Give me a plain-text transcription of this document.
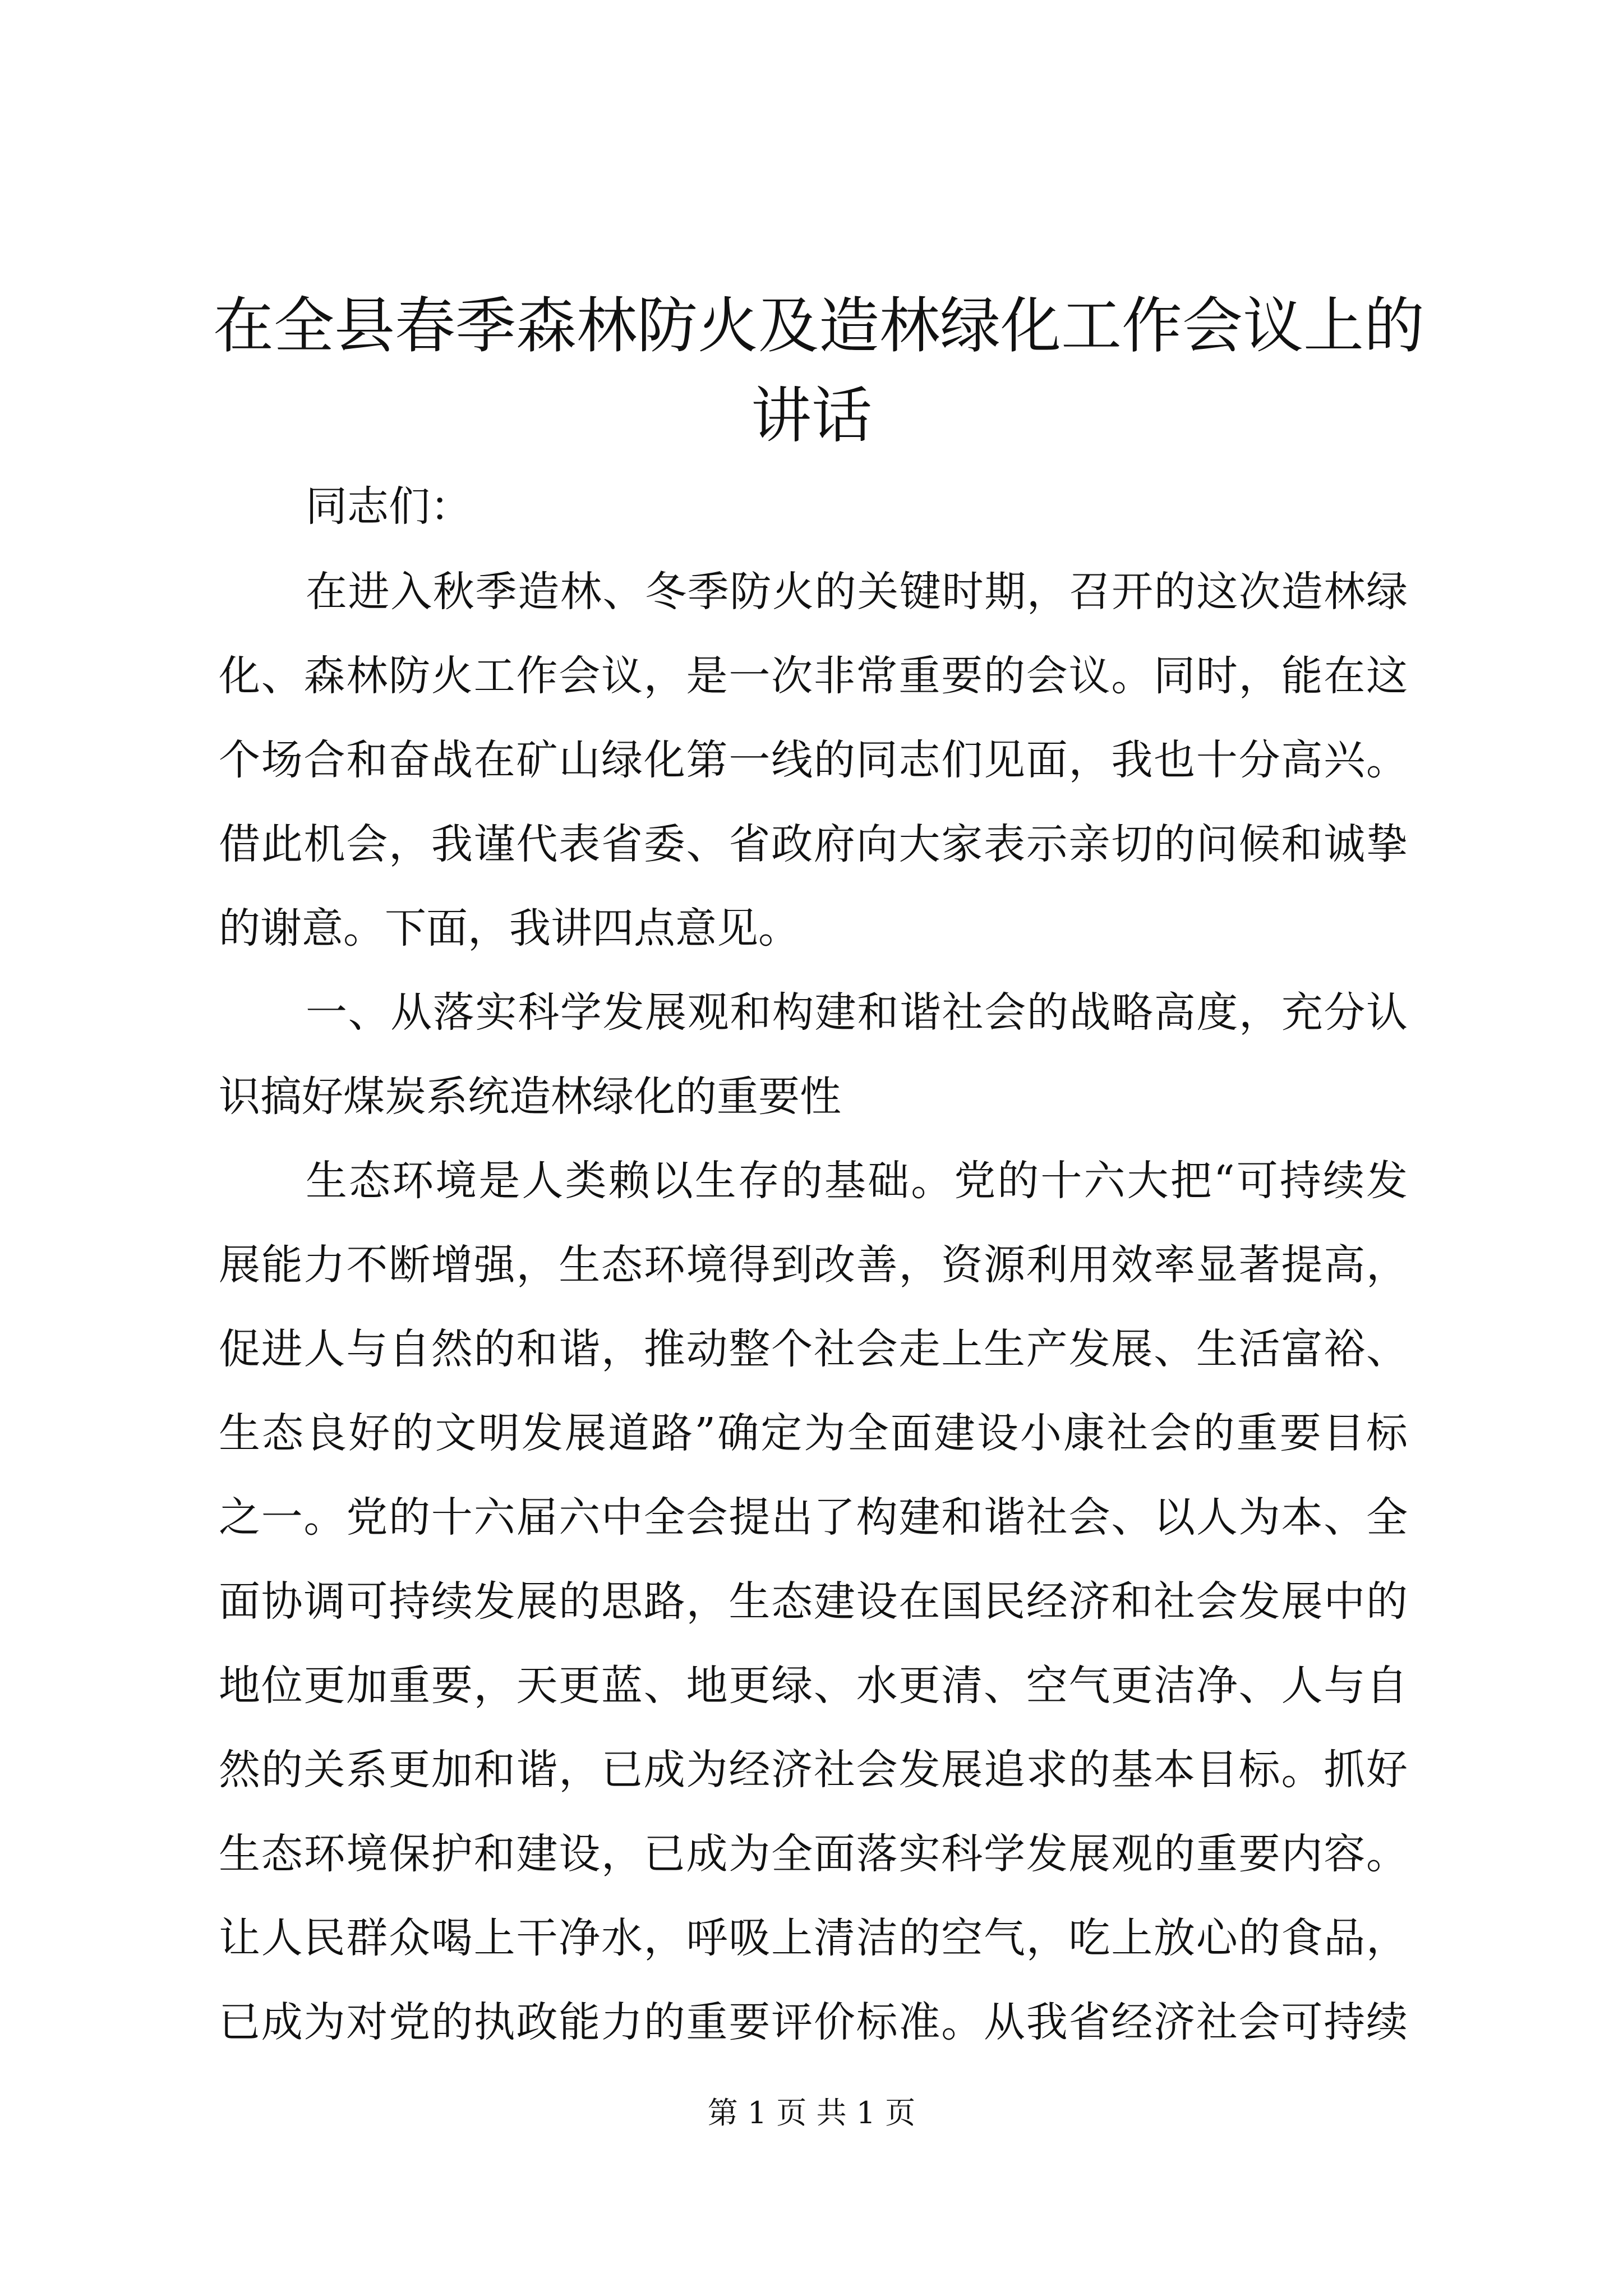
在全县春季森林防火及造林绿化工作会议上的
讲话

同志们：

在进入秋季造林、冬季防火的关键时期，召开的这次造林绿

化、森林防火工作会议，是一次非常重要的会议。同时，能在这

个场合和奋战在矿山绿化第一线的同志们见面，我也十分高兴。

借此机会，我谨代表省委、省政府向大家表示亲切的问候和诚挚

的谢意。下面，我讲四点意见。

一、从落实科学发展观和构建和谐社会的战略高度，充分认

识搞好煤炭系统造林绿化的重要性

生态环境是人类赖以生存的基础。党的十六大把“可持续发

展能力不断增强，生态环境得到改善，资源利用效率显著提高，

促进人与自然的和谐，推动整个社会走上生产发展、生活富裕、

生态良好的文明发展道路”确定为全面建设小康社会的重要目标

之一。党的十六届六中全会提出了构建和谐社会、以人为本、全

面协调可持续发展的思路，生态建设在国民经济和社会发展中的

地位更加重要，天更蓝、地更绿、水更清、空气更洁净、人与自

然的关系更加和谐，已成为经济社会发展追求的基本目标。抓好

生态环境保护和建设，已成为全面落实科学发展观的重要内容。

让人民群众喝上干净水，呼吸上清洁的空气，吃上放心的食品，

已成为对党的执政能力的重要评价标准。从我省经济社会可持续

第 1 页 共 1 页
